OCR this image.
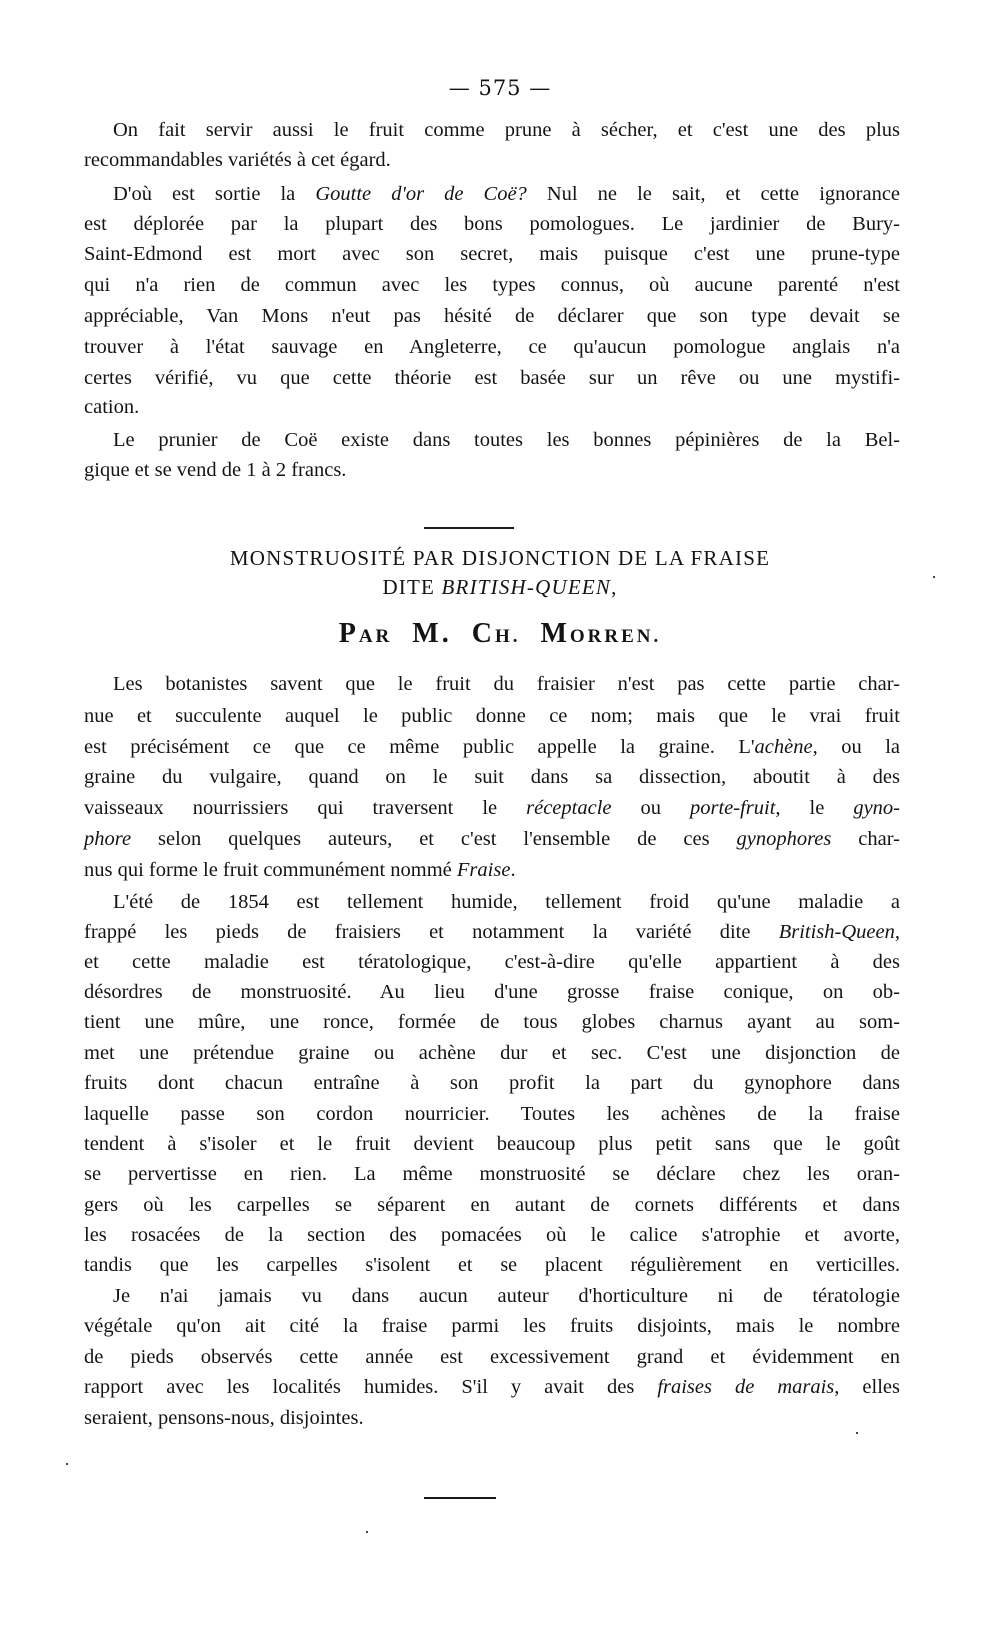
— 575 —
On fait servir aussi le fruit comme prune à sécher, et c'est une des plus
recommandables variétés à cet égard.
D'où est sortie la Goutte d'or de Coë? Nul ne le sait, et cette ignorance
est déplorée par la plupart des bons pomologues. Le jardinier de Bury-
Saint-Edmond est mort avec son secret, mais puisque c'est une prune-type
qui n'a rien de commun avec les types connus, où aucune parenté n'est
appréciable, Van Mons n'eut pas hésité de déclarer que son type devait se
trouver à l'état sauvage en Angleterre, ce qu'aucun pomologue anglais n'a
certes vérifié, vu que cette théorie est basée sur un rêve ou une mystifi-
cation.
Le prunier de Coë existe dans toutes les bonnes pépinières de la Bel-
gique et se vend de 1 à 2 francs.
MONSTRUOSITÉ PAR DISJONCTION DE LA FRAISE
DITE BRITISH-QUEEN,
PAR M. CH. MORREN.
Les botanistes savent que le fruit du fraisier n'est pas cette partie char-
nue et succulente auquel le public donne ce nom; mais que le vrai fruit
est précisément ce que ce même public appelle la graine. L'achène, ou la
graine du vulgaire, quand on le suit dans sa dissection, aboutit à des
vaisseaux nourrissiers qui traversent le réceptacle ou porte-fruit, le gyno-
phore selon quelques auteurs, et c'est l'ensemble de ces gynophores char-
nus qui forme le fruit communément nommé Fraise.
L'été de 1854 est tellement humide, tellement froid qu'une maladie a
frappé les pieds de fraisiers et notamment la variété dite British-Queen,
et cette maladie est tératologique, c'est-à-dire qu'elle appartient à des
désordres de monstruosité. Au lieu d'une grosse fraise conique, on ob-
tient une mûre, une ronce, formée de tous globes charnus ayant au som-
met une prétendue graine ou achène dur et sec. C'est une disjonction de
fruits dont chacun entraîne à son profit la part du gynophore dans
laquelle passe son cordon nourricier. Toutes les achènes de la fraise
tendent à s'isoler et le fruit devient beaucoup plus petit sans que le goût
se pervertisse en rien. La même monstruosité se déclare chez les oran-
gers où les carpelles se séparent en autant de cornets différents et dans
les rosacées de la section des pomacées où le calice s'atrophie et avorte,
tandis que les carpelles s'isolent et se placent régulièrement en verticilles.
Je n'ai jamais vu dans aucun auteur d'horticulture ni de tératologie
végétale qu'on ait cité la fraise parmi les fruits disjoints, mais le nombre
de pieds observés cette année est excessivement grand et évidemment en
rapport avec les localités humides. S'il y avait des fraises de marais, elles
seraient, pensons-nous, disjointes.
